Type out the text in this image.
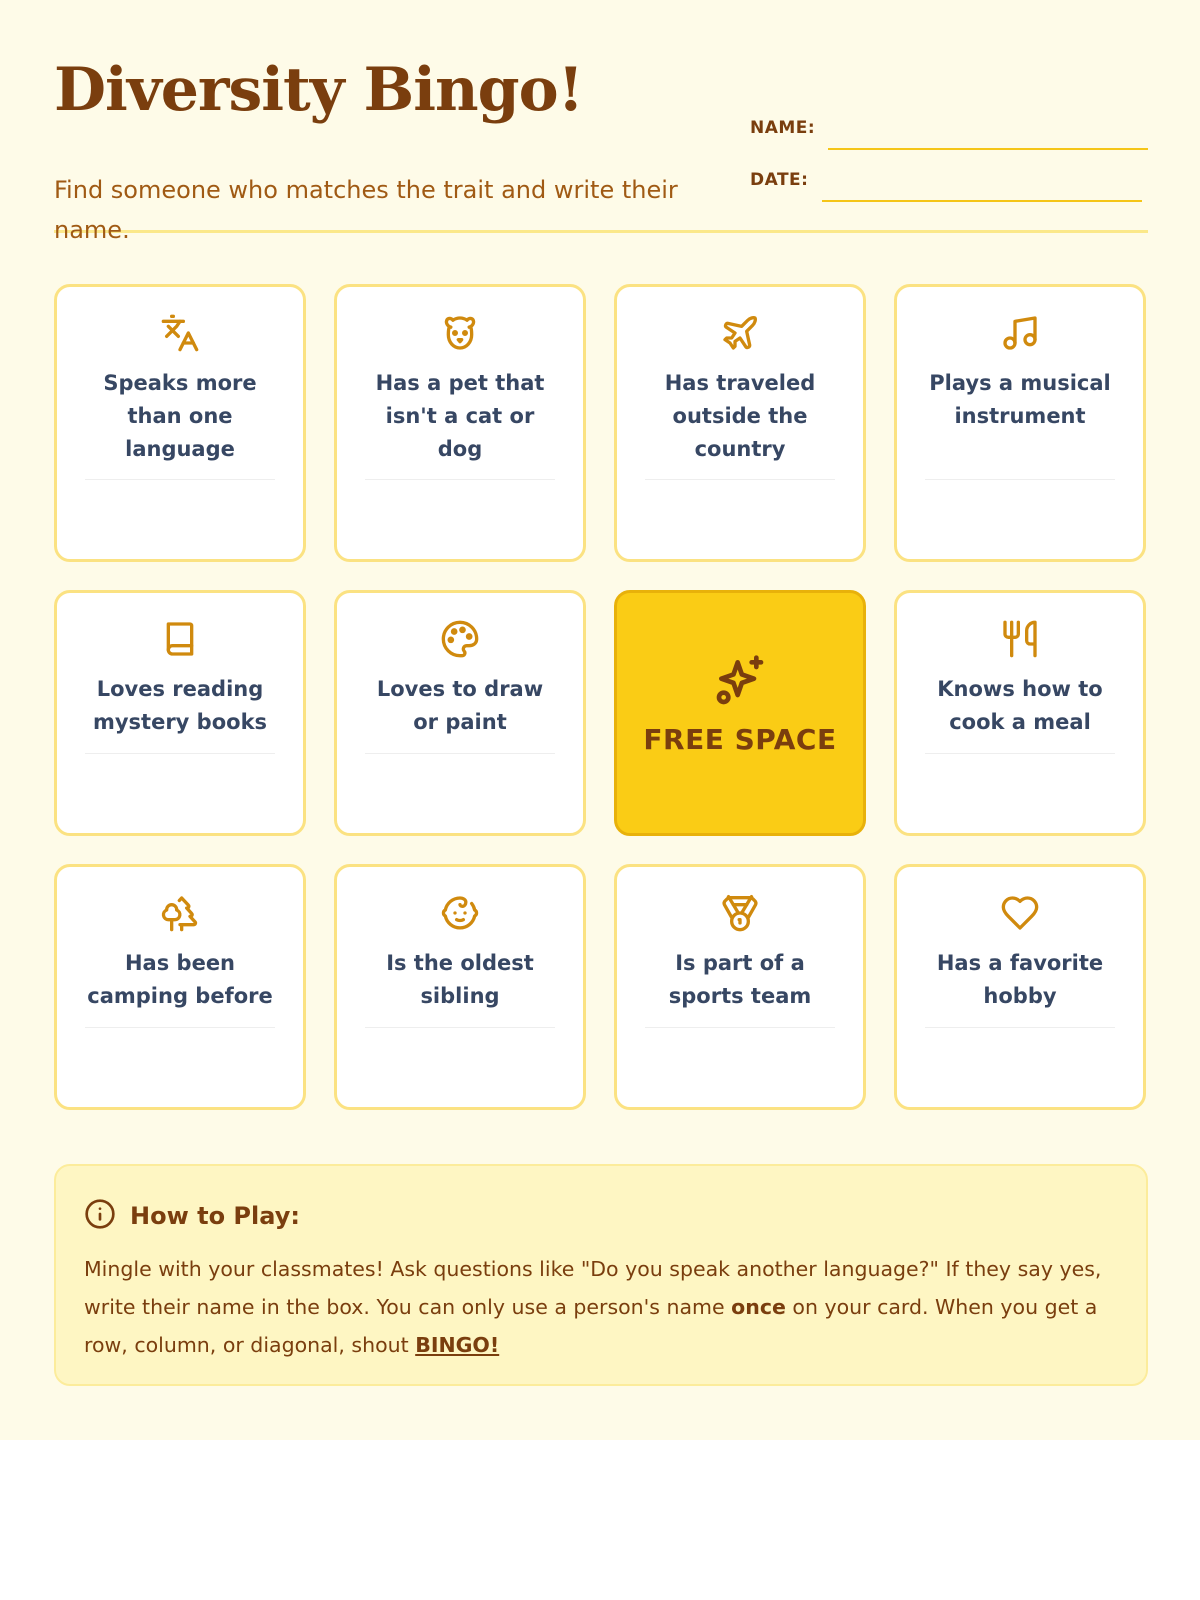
Diversity Bingo!
Find someone who matches the trait and write their name.
NAME:
DATE:
Speaks more than one language
Has a pet that isn't a cat or dog
Has traveled outside the country
Plays a musical instrument
Loves reading mystery books
Loves to draw or paint
FREE SPACE
Knows how to cook a meal
Has been camping before
Is the oldest sibling
Is part of a sports team
Has a favorite hobby
How to Play:
Mingle with your classmates! Ask questions like "Do you speak another language?" If they say yes, write their name in the box. You can only use a person's name once on your card. When you get a row, column, or diagonal, shout BINGO!
